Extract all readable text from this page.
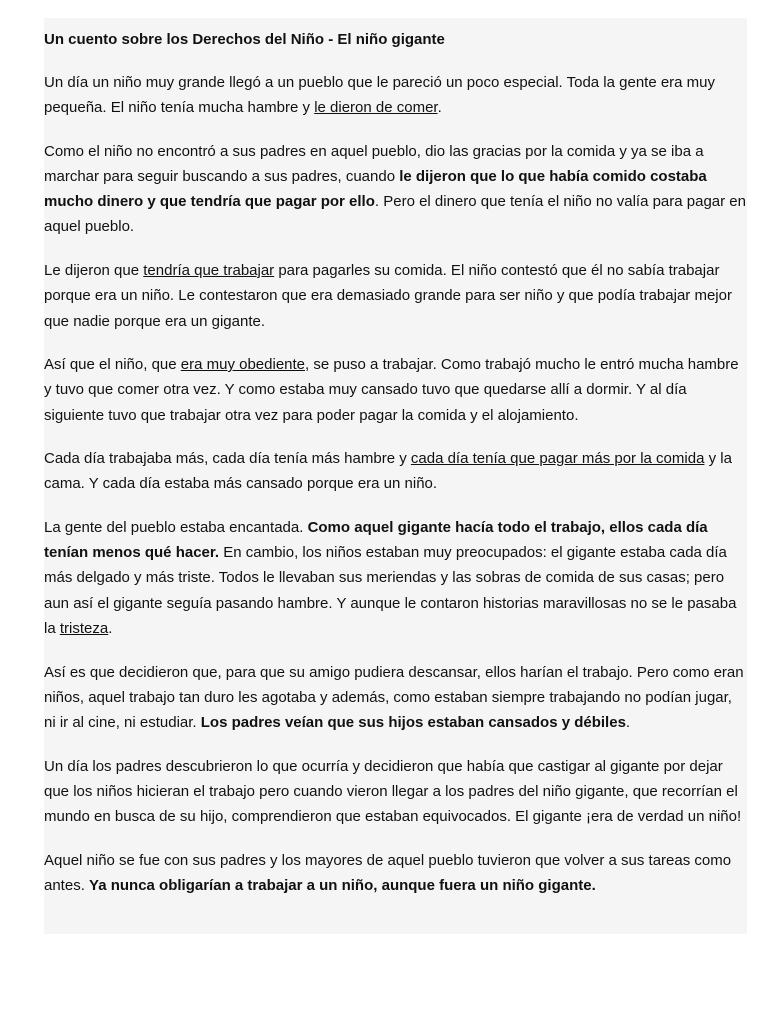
Un cuento sobre los Derechos del Niño - El niño gigante

Un día un niño muy grande llegó a un pueblo que le pareció un poco especial. Toda la gente era muy pequeña. El niño tenía mucha hambre y le dieron de comer.

Como el niño no encontró a sus padres en aquel pueblo, dio las gracias por la comida y ya se iba a marchar para seguir buscando a sus padres, cuando le dijeron que lo que había comido costaba mucho dinero y que tendría que pagar por ello. Pero el dinero que tenía el niño no valía para pagar en aquel pueblo.

Le dijeron que tendría que trabajar para pagarles su comida. El niño contestó que él no sabía trabajar porque era un niño. Le contestaron que era demasiado grande para ser niño y que podía trabajar mejor que nadie porque era un gigante.

Así que el niño, que era muy obediente, se puso a trabajar. Como trabajó mucho le entró mucha hambre y tuvo que comer otra vez. Y como estaba muy cansado tuvo que quedarse allí a dormir. Y al día siguiente tuvo que trabajar otra vez para poder pagar la comida y el alojamiento.

Cada día trabajaba más, cada día tenía más hambre y cada día tenía que pagar más por la comida y la cama. Y cada día estaba más cansado porque era un niño.

La gente del pueblo estaba encantada. Como aquel gigante hacía todo el trabajo, ellos cada día tenían menos qué hacer. En cambio, los niños estaban muy preocupados: el gigante estaba cada día más delgado y más triste. Todos le llevaban sus meriendas y las sobras de comida de sus casas; pero aun así el gigante seguía pasando hambre. Y aunque le contaron historias maravillosas no se le pasaba la tristeza.

Así es que decidieron que, para que su amigo pudiera descansar, ellos harían el trabajo. Pero como eran niños, aquel trabajo tan duro les agotaba y además, como estaban siempre trabajando no podían jugar, ni ir al cine, ni estudiar. Los padres veían que sus hijos estaban cansados y débiles.

Un día los padres descubrieron lo que ocurría y decidieron que había que castigar al gigante por dejar que los niños hicieran el trabajo pero cuando vieron llegar a los padres del niño gigante, que recorrían el mundo en busca de su hijo, comprendieron que estaban equivocados. El gigante ¡era de verdad un niño!

Aquel niño se fue con sus padres y los mayores de aquel pueblo tuvieron que volver a sus tareas como antes. Ya nunca obligarían a trabajar a un niño, aunque fuera un niño gigante.
